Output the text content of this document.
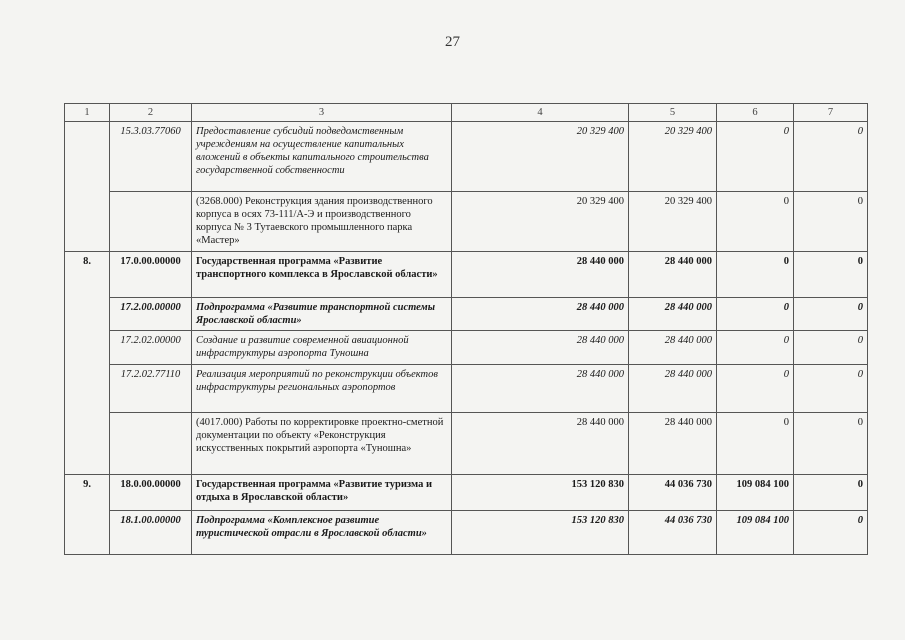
27
1	2	3	4	5	6	7
	15.3.03.77060	Предоставление субсидий подведомственным учреждениям на осуществление капитальных вложений в объекты капитального строительства государственной собственности	20 329 400	20 329 400	0	0
		(3268.000) Реконструкция здания производственного корпуса в осях 73-111/А-Э и производственного корпуса № 3 Тутаевского промышленного парка «Мастер»	20 329 400	20 329 400	0	0
8.	17.0.00.00000	Государственная программа «Развитие транспортного комплекса в Ярославской области»	28 440 000	28 440 000	0	0
	17.2.00.00000	Подпрограмма «Развитие транспортной системы Ярославской области»	28 440 000	28 440 000	0	0
	17.2.02.00000	Создание и развитие современной авиационной инфраструктуры аэропорта Туношна	28 440 000	28 440 000	0	0
	17.2.02.77110	Реализация мероприятий по реконструкции объектов инфраструктуры региональных аэропортов	28 440 000	28 440 000	0	0
		(4017.000) Работы по корректировке проектно-сметной документации по объекту «Реконструкция искусственных покрытий аэропорта «Туношна»	28 440 000	28 440 000	0	0
9.	18.0.00.00000	Государственная программа «Развитие туризма и отдыха в Ярославской области»	153 120 830	44 036 730	109 084 100	0
	18.1.00.00000	Подпрограмма «Комплексное развитие туристической отрасли в Ярославской области»	153 120 830	44 036 730	109 084 100	0
